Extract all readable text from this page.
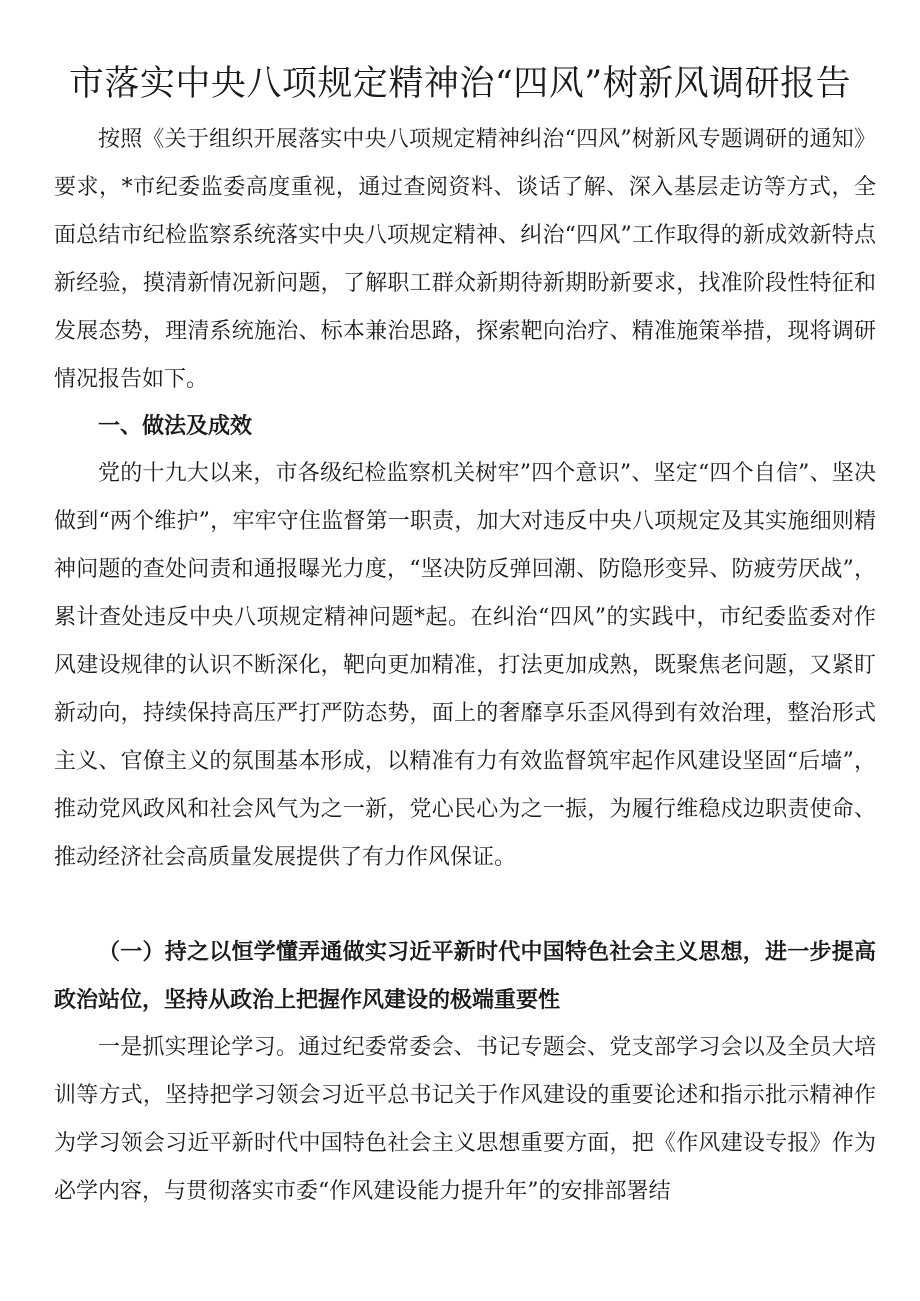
市落实中央八项规定精神治“四风”树新风调研报告

按照《关于组织开展落实中央八项规定精神纠治“四风”树新风专题调研的通知》要求，*市纪委监委高度重视，通过查阅资料、谈话了解、深入基层走访等方式，全面总结市纪检监察系统落实中央八项规定精神、纠治“四风”工作取得的新成效新特点新经验，摸清新情况新问题，了解职工群众新期待新期盼新要求，找准阶段性特征和发展态势，理清系统施治、标本兼治思路，探索靶向治疗、精准施策举措，现将调研情况报告如下。

一、做法及成效

党的十九大以来，市各级纪检监察机关树牢”四个意识”、坚定“四个自信”、坚决做到“两个维护”，牢牢守住监督第一职责，加大对违反中央八项规定及其实施细则精神问题的查处问责和通报曝光力度，“坚决防反弹回潮、防隐形变异、防疲劳厌战”，累计查处违反中央八项规定精神问题*起。在纠治“四风”的实践中，市纪委监委对作风建设规律的认识不断深化，靶向更加精准，打法更加成熟，既聚焦老问题，又紧盯新动向，持续保持高压严打严防态势，面上的奢靡享乐歪风得到有效治理，整治形式主义、官僚主义的氛围基本形成，以精准有力有效监督筑牢起作风建设坚固“后墙”，推动党风政风和社会风气为之一新，党心民心为之一振，为履行维稳戍边职责使命、推动经济社会高质量发展提供了有力作风保证。

（一）持之以恒学懂弄通做实习近平新时代中国特色社会主义思想，进一步提高政治站位，坚持从政治上把握作风建设的极端重要性

一是抓实理论学习。通过纪委常委会、书记专题会、党支部学习会以及全员大培训等方式，坚持把学习领会习近平总书记关于作风建设的重要论述和指示批示精神作为学习领会习近平新时代中国特色社会主义思想重要方面，把《作风建设专报》作为必学内容，与贯彻落实市委“作风建设能力提升年”的安排部署结
